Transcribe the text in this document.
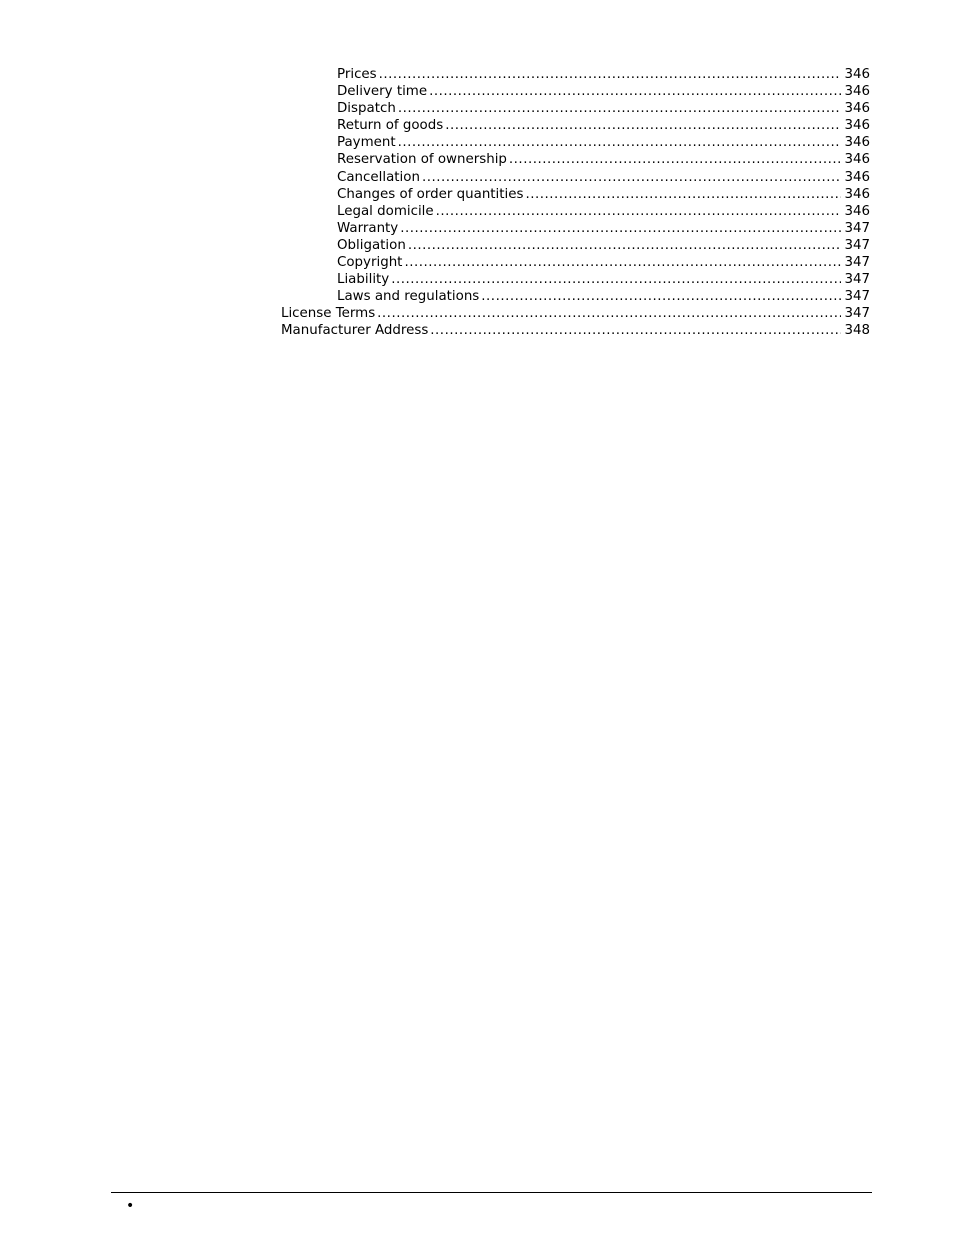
Prices .....	346
Delivery time .....	346
Dispatch .....	346
Return of goods .....	346
Payment .....	346
Reservation of ownership .....	346
Cancellation .....	346
Changes of order quantities .....	346
Legal domicile .....	346
Warranty .....	347
Obligation .....	347
Copyright .....	347
Liability .....	347
Laws and regulations .....	347
License Terms .....	347
Manufacturer Address .....	348
•
